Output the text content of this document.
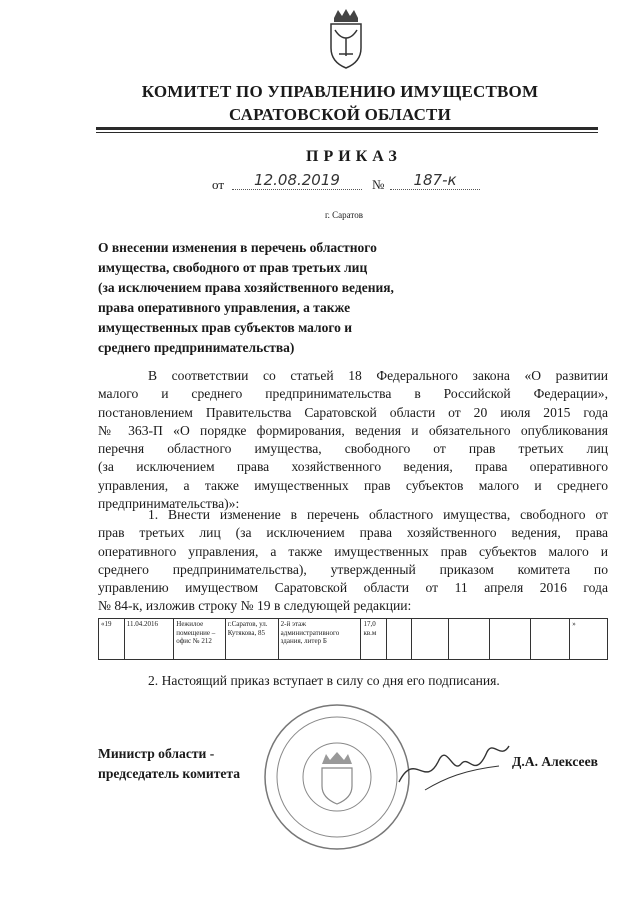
КОМИТЕТ ПО УПРАВЛЕНИЮ ИМУЩЕСТВОМ
САРАТОВСКОЙ ОБЛАСТИ
ПРИКАЗ
от	12.08.2019	№	187-к
г. Саратов
О внесении изменения в перечень областного
имущества, свободного от прав третьих лиц
(за исключением права хозяйственного ведения,
права оперативного управления, а также
имущественных прав субъектов малого и
среднего предпринимательства)
В соответствии со статьей 18 Федерального закона «О развитии
малого и среднего предпринимательства в Российской Федерации»,
постановлением Правительства Саратовской области от 20 июля 2015 года
№ 363-П «О порядке формирования, ведения и обязательного опубликования
перечня областного имущества, свободного от прав третьих лиц
(за исключением права хозяйственного ведения, права оперативного
управления, а также имущественных прав субъектов малого и среднего
предпринимательства)»:
1. Внести изменение в перечень областного имущества, свободного от
прав третьих лиц (за исключением права хозяйственного ведения, права
оперативного управления, а также имущественных прав субъектов малого и
среднего предпринимательства), утвержденный приказом комитета по
управлению имуществом Саратовской области от 11 апреля 2016 года
№ 84-к, изложив строку № 19 в следующей редакции:
«19	11.04.2016	Нежилое помещение – офис № 212	г.Саратов, ул. Кутякова, 85	2-й этаж административного здания, литер Б	17,0 кв.м						»
2. Настоящий приказ вступает в силу со дня его подписания.
Министр области -
председатель комитета
Д.А. Алексеев
